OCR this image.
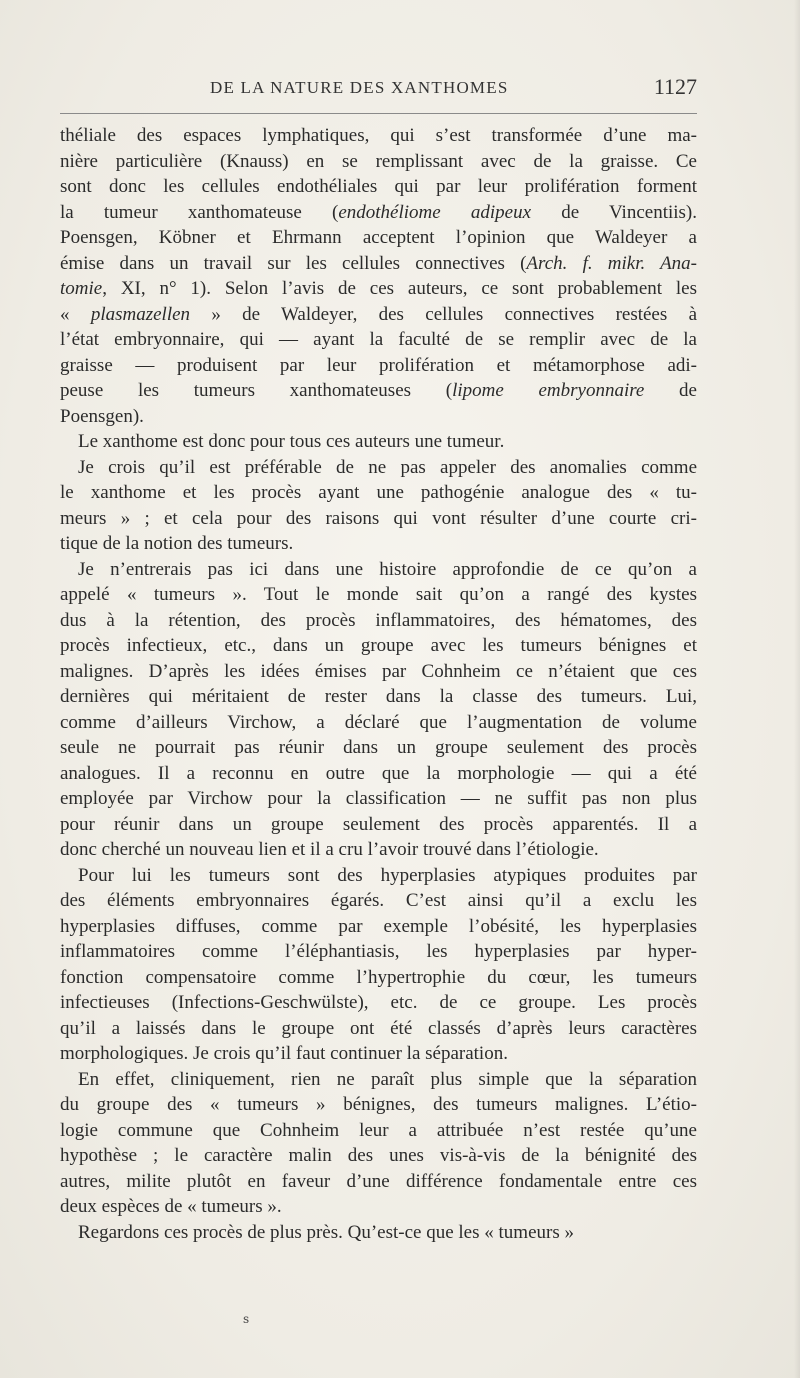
DE LA NATURE DES XANTHOMES	1127
théliale des espaces lymphatiques, qui s’est transformée d’une ma-
nière particulière (Knauss) en se remplissant avec de la graisse. Ce
sont donc les cellules endothéliales qui par leur prolifération forment
la tumeur xanthomateuse (endothéliome adipeux de Vincentiis).
Poensgen, Köbner et Ehrmann acceptent l’opinion que Waldeyer a
émise dans un travail sur les cellules connectives (Arch. f. mikr. Ana-
tomie, XI, n° 1). Selon l’avis de ces auteurs, ce sont probablement les
« plasmazellen » de Waldeyer, des cellules connectives restées à
l’état embryonnaire, qui — ayant la faculté de se remplir avec de la
graisse — produisent par leur prolifération et métamorphose adi-
peuse les tumeurs xanthomateuses (lipome embryonnaire de
Poensgen).
Le xanthome est donc pour tous ces auteurs une tumeur.
Je crois qu’il est préférable de ne pas appeler des anomalies comme
le xanthome et les procès ayant une pathogénie analogue des « tu-
meurs » ; et cela pour des raisons qui vont résulter d’une courte cri-
tique de la notion des tumeurs.
Je n’entrerais pas ici dans une histoire approfondie de ce qu’on a
appelé « tumeurs ». Tout le monde sait qu’on a rangé des kystes
dus à la rétention, des procès inflammatoires, des hématomes, des
procès infectieux, etc., dans un groupe avec les tumeurs bénignes et
malignes. D’après les idées émises par Cohnheim ce n’étaient que ces
dernières qui méritaient de rester dans la classe des tumeurs. Lui,
comme d’ailleurs Virchow, a déclaré que l’augmentation de volume
seule ne pourrait pas réunir dans un groupe seulement des procès
analogues. Il a reconnu en outre que la morphologie — qui a été
employée par Virchow pour la classification — ne suffit pas non plus
pour réunir dans un groupe seulement des procès apparentés. Il a
donc cherché un nouveau lien et il a cru l’avoir trouvé dans l’étiologie.
Pour lui les tumeurs sont des hyperplasies atypiques produites par
des éléments embryonnaires égarés. C’est ainsi qu’il a exclu les
hyperplasies diffuses, comme par exemple l’obésité, les hyperplasies
inflammatoires comme l’éléphantiasis, les hyperplasies par hyper-
fonction compensatoire comme l’hypertrophie du cœur, les tumeurs
infectieuses (Infections-Geschwülste), etc. de ce groupe. Les procès
qu’il a laissés dans le groupe ont été classés d’après leurs caractères
morphologiques. Je crois qu’il faut continuer la séparation.
En effet, cliniquement, rien ne paraît plus simple que la séparation
du groupe des « tumeurs » bénignes, des tumeurs malignes. L’étio-
logie commune que Cohnheim leur a attribuée n’est restée qu’une
hypothèse ; le caractère malin des unes vis-à-vis de la bénignité des
autres, milite plutôt en faveur d’une différence fondamentale entre ces
deux espèces de « tumeurs ».
Regardons ces procès de plus près. Qu’est-ce que les « tumeurs »
s
